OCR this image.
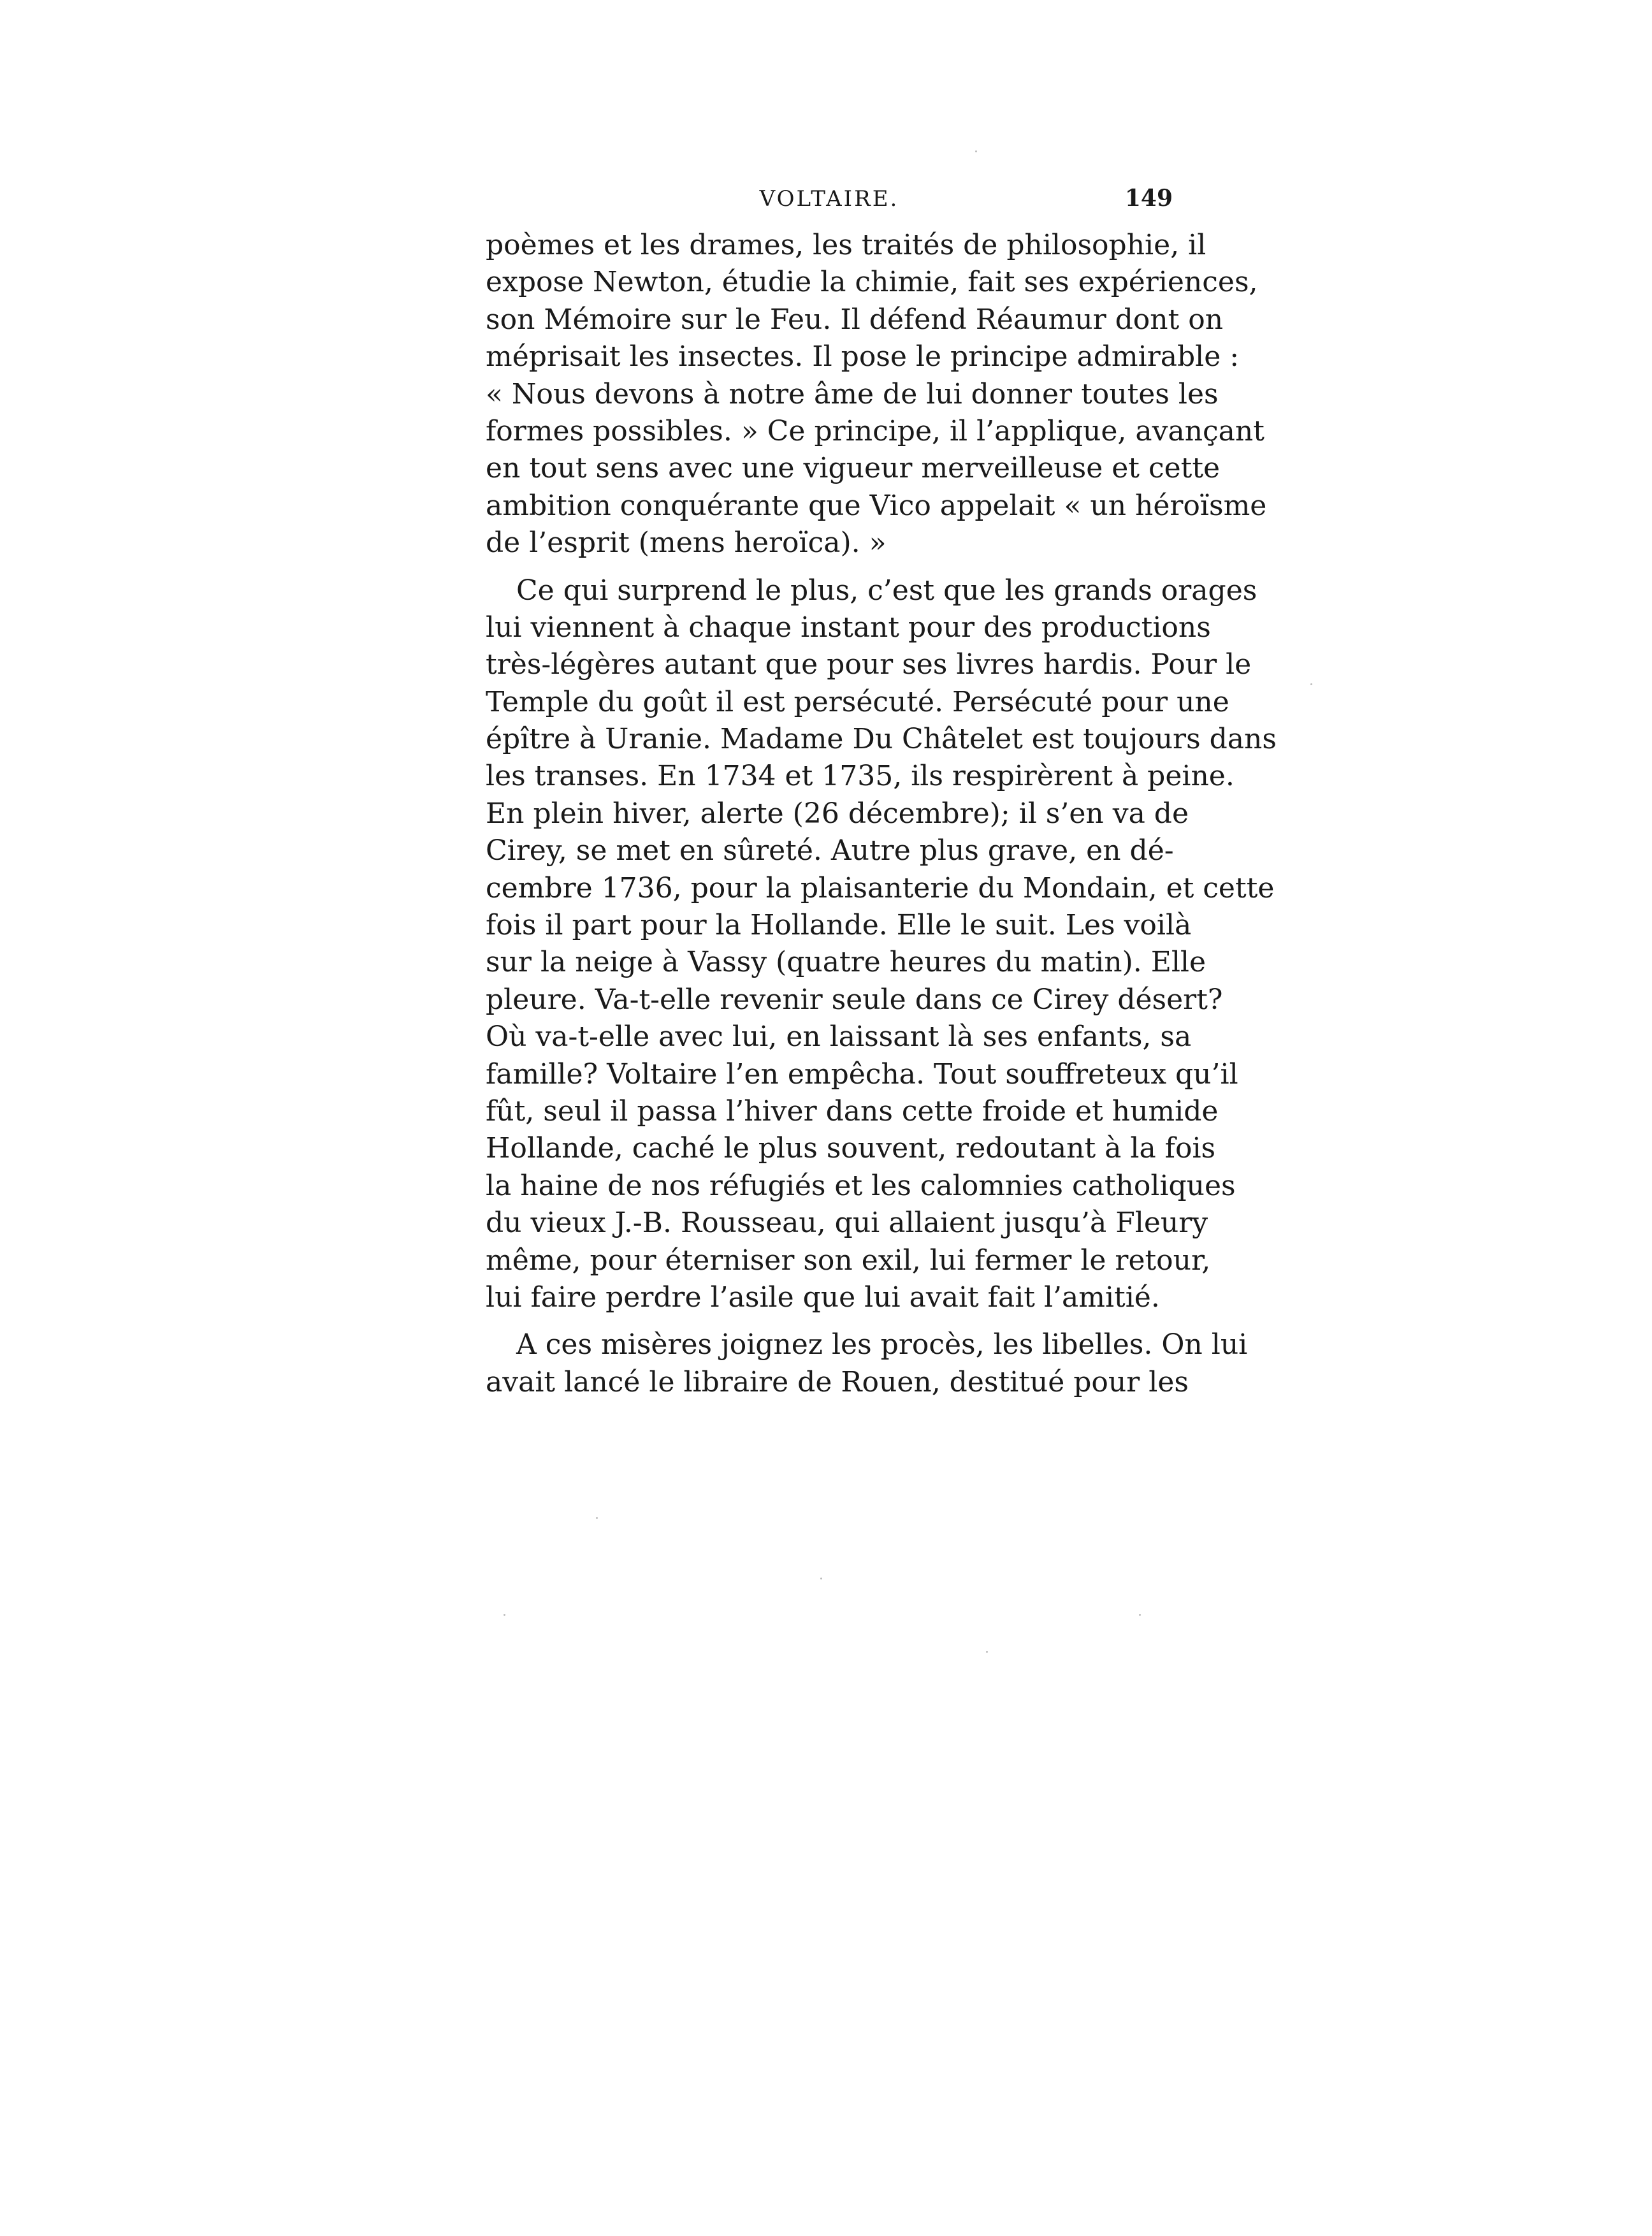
VOLTAIRE.	149
poèmes et les drames, les traités de philosophie, il
expose Newton, étudie la chimie, fait ses expériences,
son Mémoire sur le Feu. Il défend Réaumur dont on
méprisait les insectes. Il pose le principe admirable :
« Nous devons à notre âme de lui donner toutes les
formes possibles. » Ce principe, il l’applique, avançant
en tout sens avec une vigueur merveilleuse et cette
ambition conquérante que Vico appelait « un héroïsme
de l’esprit (mens heroïca). »
Ce qui surprend le plus, c’est que les grands orages
lui viennent à chaque instant pour des productions
très-légères autant que pour ses livres hardis. Pour le
Temple du goût il est persécuté. Persécuté pour une
épître à Uranie. Madame Du Châtelet est toujours dans
les transes. En 1734 et 1735, ils respirèrent à peine.
En plein hiver, alerte (26 décembre); il s’en va de
Cirey, se met en sûreté. Autre plus grave, en dé-
cembre 1736, pour la plaisanterie du Mondain, et cette
fois il part pour la Hollande. Elle le suit. Les voilà
sur la neige à Vassy (quatre heures du matin). Elle
pleure. Va-t-elle revenir seule dans ce Cirey désert?
Où va-t-elle avec lui, en laissant là ses enfants, sa
famille? Voltaire l’en empêcha. Tout souffreteux qu’il
fût, seul il passa l’hiver dans cette froide et humide
Hollande, caché le plus souvent, redoutant à la fois
la haine de nos réfugiés et les calomnies catholiques
du vieux J.-B. Rousseau, qui allaient jusqu’à Fleury
même, pour éterniser son exil, lui fermer le retour,
lui faire perdre l’asile que lui avait fait l’amitié.
A ces misères joignez les procès, les libelles. On lui
avait lancé le libraire de Rouen, destitué pour les
